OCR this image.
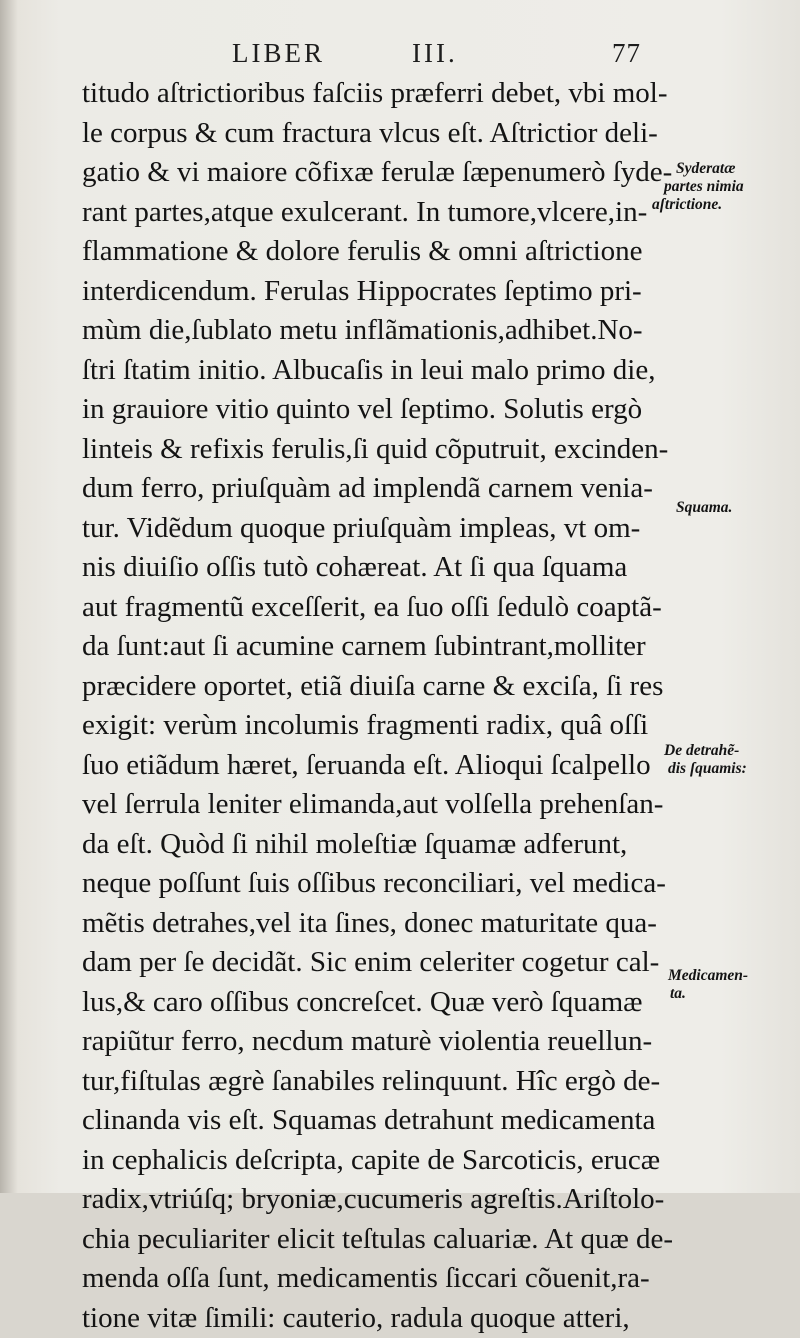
LIBER	III.	77
titudo aſtrictioribus faſciis præferri debet, vbi mol-
le corpus & cum fractura vlcus eſt. Aſtrictior deli-
gatio & vi maiore cõfixæ ferulæ ſæpenumerò ſyde-
rant partes,atque exulcerant. In tumore,vlcere,in-
flammatione & dolore ferulis & omni aſtrictione
interdicendum. Ferulas Hippocrates ſeptimo pri-
mùm die,ſublato metu inflãmationis,adhibet.No-
ſtri ſtatim initio. Albucaſis in leui malo primo die,
in grauiore vitio quinto vel ſeptimo. Solutis ergò
linteis & refixis ferulis,ſi quid cõputruit, excinden-
dum ferro, priuſquàm ad implendã carnem venia-
tur. Vidẽdum quoque priuſquàm impleas, vt om-
nis diuiſio oſſis tutò cohæreat. At ſi qua ſquama
aut fragmentũ exceſſerit, ea ſuo oſſi ſedulò coaptã-
da ſunt:aut ſi acumine carnem ſubintrant,molliter
præcidere oportet, etiã diuiſa carne & exciſa, ſi res
exigit: verùm incolumis fragmenti radix, quâ oſſi
ſuo etiãdum hæret, ſeruanda eſt. Alioqui ſcalpello
vel ſerrula leniter elimanda,aut volſella prehenſan-
da eſt. Quòd ſi nihil moleſtiæ ſquamæ adferunt,
neque poſſunt ſuis oſſibus reconciliari, vel medica-
mẽtis detrahes,vel ita ſines, donec maturitate qua-
dam per ſe decidãt. Sic enim celeriter cogetur cal-
lus,& caro oſſibus concreſcet. Quæ verò ſquamæ
rapiũtur ferro, necdum maturè violentia reuellun-
tur,fiſtulas ægrè ſanabiles relinquunt. Hîc ergò de-
clinanda vis eſt. Squamas detrahunt medicamenta
in cephalicis deſcripta, capite de Sarcoticis, erucæ
radix,vtriúſq; bryoniæ,cucumeris agreſtis.Ariſtolo-
chia peculiariter elicit teſtulas caluariæ. At quæ de-
menda oſſa ſunt, medicamentis ſiccari cõuenit,ra-
tione vitæ ſimili: cauterio, radula quoque atteri,
Syderatæ
partes nimia
aſtrictione.
Squama.
De detrahẽ-
dis ſquamis:
Medicamen-
ta.
